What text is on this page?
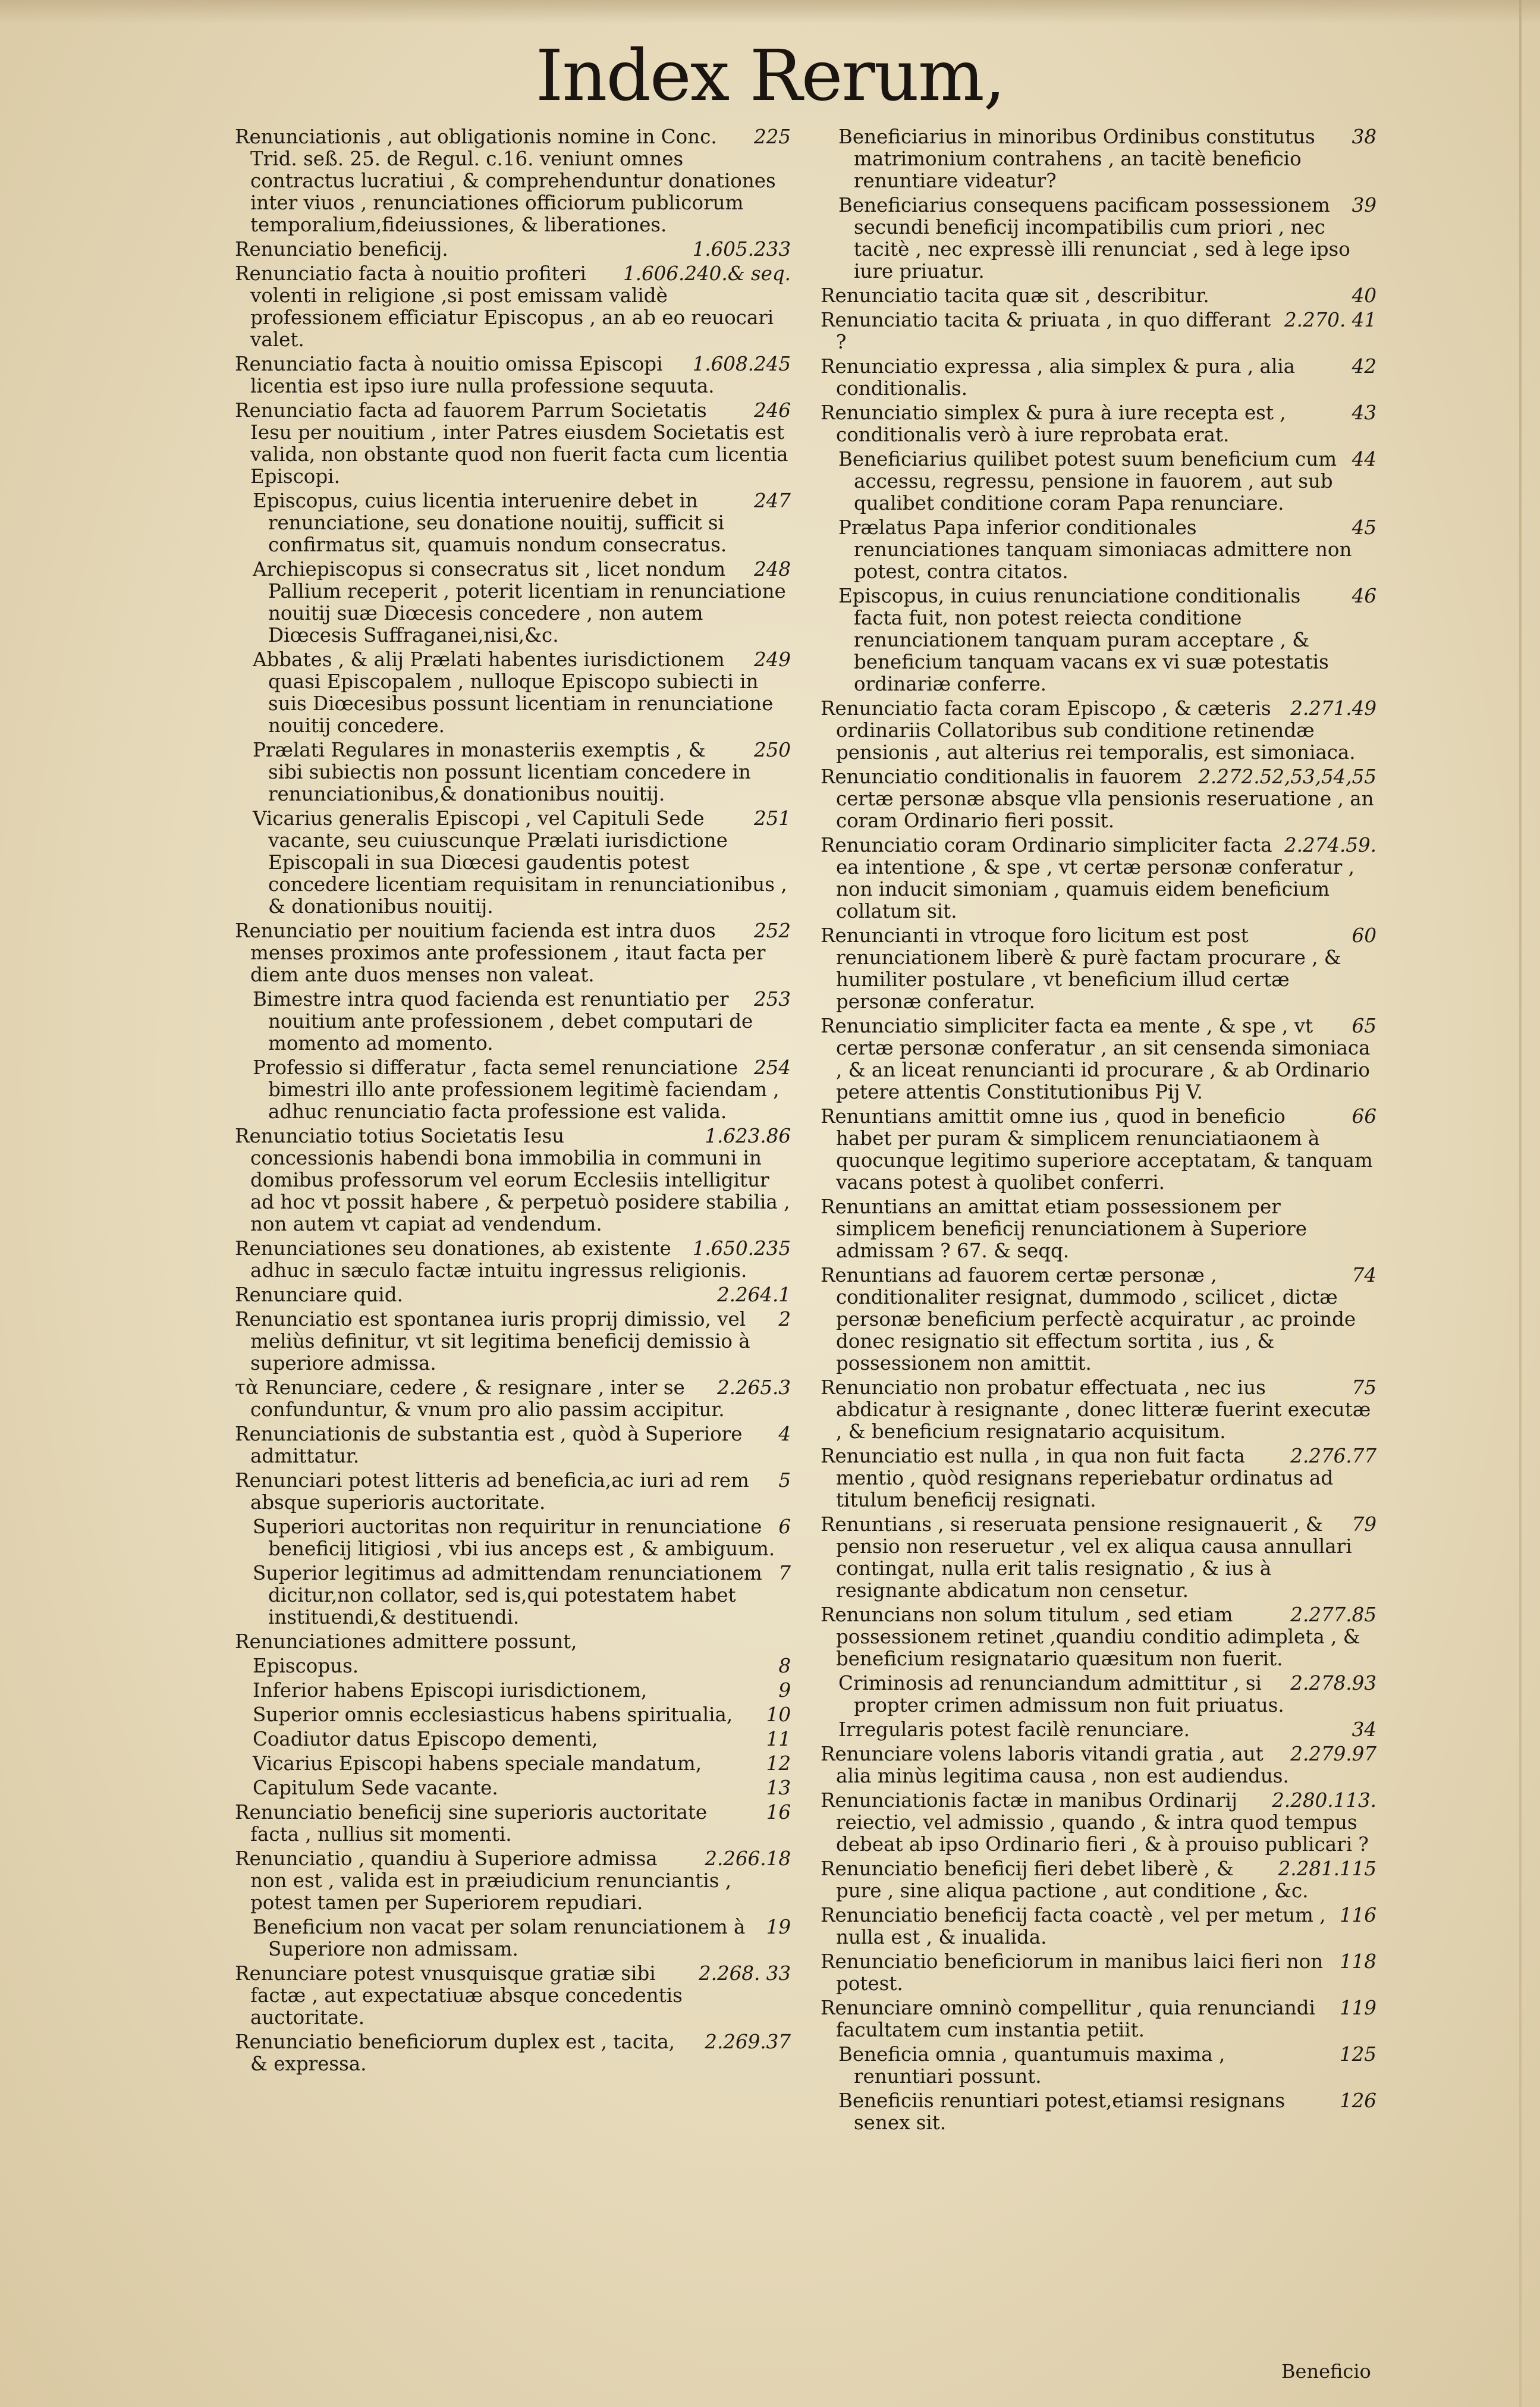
Index Rerum,
225
Renunciationis , aut obligationis nomine in Conc. Trid. seß. 25. de Regul. c.16. veniunt omnes contractus lucratiui , & comprehenduntur donationes inter viuos , renunciationes officiorum publicorum temporalium,fideiussiones, & liberationes.
1.605.233
Renunciatio beneficij.
1.606.240.& seq.
Renunciatio facta à nouitio profiteri volenti in religione ,si post emissam validè professionem efficiatur Episcopus , an ab eo reuocari valet.
1.608.245
Renunciatio facta à nouitio omissa Episcopi licentia est ipso iure nulla professione sequuta.
246
Renunciatio facta ad fauorem Parrum Societatis Iesu per nouitium , inter Patres eiusdem Societatis est valida, non obstante quod non fuerit facta cum licentia Episcopi.
247
Episcopus, cuius licentia interuenire debet in renunciatione, seu donatione nouitij, sufficit si confirmatus sit, quamuis nondum consecratus.
248
Archiepiscopus si consecratus sit , licet nondum Pallium receperit , poterit licentiam in renunciatione nouitij suæ Diœcesis concedere , non autem Diœcesis Suffraganei,nisi,&c.
249
Abbates , & alij Prælati habentes iurisdictionem quasi Episcopalem , nulloque Episcopo subiecti in suis Diœcesibus possunt licentiam in renunciatione nouitij concedere.
250
Prælati Regulares in monasteriis exemptis , & sibi subiectis non possunt licentiam concedere in renunciationibus,& donationibus nouitij.
251
Vicarius generalis Episcopi , vel Capituli Sede vacante, seu cuiuscunque Prælati iurisdictione Episcopali in sua Diœcesi gaudentis potest concedere licentiam requisitam in renunciationibus , & donationibus nouitij.
252
Renunciatio per nouitium facienda est intra duos menses proximos ante professionem , itaut facta per diem ante duos menses non valeat.
253
Bimestre intra quod facienda est renuntiatio per nouitium ante professionem , debet computari de momento ad momento.
254
Professio si differatur , facta semel renunciatione bimestri illo ante professionem legitimè faciendam , adhuc renunciatio facta professione est valida.
1.623.86
Renunciatio totius Societatis Iesu concessionis habendi bona immobilia in communi in domibus professorum vel eorum Ecclesiis intelligitur ad hoc vt possit habere , & perpetuò posidere stabilia , non autem vt capiat ad vendendum.
1.650.235
Renunciationes seu donationes, ab existente adhuc in sæculo factæ intuitu ingressus religionis.
2.264.1
Renunciare quid.
2
Renunciatio est spontanea iuris proprij dimissio, vel meliùs definitur, vt sit legitima beneficij demissio à superiore admissa.
2.265.3
τὰ Renunciare, cedere , & resignare , inter se confunduntur, & vnum pro alio passim accipitur.
4
Renunciationis de substantia est , quòd à Superiore admittatur.
5
Renunciari potest litteris ad beneficia,ac iuri ad rem absque superioris auctoritate.
6
Superiori auctoritas non requiritur in renunciatione beneficij litigiosi , vbi ius anceps est , & ambiguum.
7
Superior legitimus ad admittendam renunciationem dicitur,non collator, sed is,qui potestatem habet instituendi,& destituendi.
Renunciationes admittere possunt,
8
Episcopus.
9
Inferior habens Episcopi iurisdictionem,
10
Superior omnis ecclesiasticus habens spiritualia,
11
Coadiutor datus Episcopo dementi,
12
Vicarius Episcopi habens speciale mandatum,
13
Capitulum Sede vacante.
16
Renunciatio beneficij sine superioris auctoritate facta , nullius sit momenti.
2.266.18
Renunciatio , quandiu à Superiore admissa non est , valida est in præiudicium renunciantis , potest tamen per Superiorem repudiari.
19
Beneficium non vacat per solam renunciationem à Superiore non admissam.
2.268. 33
Renunciare potest vnusquisque gratiæ sibi factæ , aut expectatiuæ absque concedentis auctoritate.
2.269.37
Renunciatio beneficiorum duplex est , tacita, & expressa.
38
Beneficiarius in minoribus Ordinibus constitutus matrimonium contrahens , an tacitè beneficio renuntiare videatur?
39
Beneficiarius consequens pacificam possessionem secundi beneficij incompatibilis cum priori , nec tacitè , nec expressè illi renunciat , sed à lege ipso iure priuatur.
40
Renunciatio tacita quæ sit , describitur.
2.270. 41
Renunciatio tacita & priuata , in quo differant ?
42
Renunciatio expressa , alia simplex & pura , alia conditionalis.
43
Renunciatio simplex & pura à iure recepta est , conditionalis verò à iure reprobata erat.
44
Beneficiarius quilibet potest suum beneficium cum accessu, regressu, pensione in fauorem , aut sub qualibet conditione coram Papa renunciare.
45
Prælatus Papa inferior conditionales renunciationes tanquam simoniacas admittere non potest, contra citatos.
46
Episcopus, in cuius renunciatione conditionalis facta fuit, non potest reiecta conditione renunciationem tanquam puram acceptare , & beneficium tanquam vacans ex vi suæ potestatis ordinariæ conferre.
2.271.49
Renunciatio facta coram Episcopo , & cæteris ordinariis Collatoribus sub conditione retinendæ pensionis , aut alterius rei temporalis, est simoniaca.
2.272.52,53,54,55
Renunciatio conditionalis in fauorem certæ personæ absque vlla pensionis reseruatione , an coram Ordinario fieri possit.
2.274.59.
Renunciatio coram Ordinario simpliciter facta ea intentione , & spe , vt certæ personæ conferatur , non inducit simoniam , quamuis eidem beneficium collatum sit.
60
Renuncianti in vtroque foro licitum est post renunciationem liberè & purè factam procurare , & humiliter postulare , vt beneficium illud certæ personæ conferatur.
65
Renunciatio simpliciter facta ea mente , & spe , vt certæ personæ conferatur , an sit censenda simoniaca , & an liceat renuncianti id procurare , & ab Ordinario petere attentis Constitutionibus Pij V.
66
Renuntians amittit omne ius , quod in beneficio habet per puram & simplicem renunciatiaonem à quocunque legitimo superiore acceptatam, & tanquam vacans potest à quolibet conferri.
Renuntians an amittat etiam possessionem per simplicem beneficij renunciationem à Superiore admissam ? 67. & seqq.
74
Renuntians ad fauorem certæ personæ , conditionaliter resignat, dummodo , scilicet , dictæ personæ beneficium perfectè acquiratur , ac proinde donec resignatio sit effectum sortita , ius , & possessionem non amittit.
75
Renunciatio non probatur effectuata , nec ius abdicatur à resignante , donec litteræ fuerint executæ , & beneficium resignatario acquisitum.
2.276.77
Renunciatio est nulla , in qua non fuit facta mentio , quòd resignans reperiebatur ordinatus ad titulum beneficij resignati.
79
Renuntians , si reseruata pensione resignauerit , & pensio non reseruetur , vel ex aliqua causa annullari contingat, nulla erit talis resignatio , & ius à resignante abdicatum non censetur.
2.277.85
Renuncians non solum titulum , sed etiam possessionem retinet ,quandiu conditio adimpleta , & beneficium resignatario quæsitum non fuerit.
2.278.93
Criminosis ad renunciandum admittitur , si propter crimen admissum non fuit priuatus.
34
Irregularis potest facilè renunciare.
2.279.97
Renunciare volens laboris vitandi gratia , aut alia minùs legitima causa , non est audiendus.
2.280.113.
Renunciationis factæ in manibus Ordinarij reiectio, vel admissio , quando , & intra quod tempus debeat ab ipso Ordinario fieri , & à prouiso publicari ?
2.281.115
Renunciatio beneficij fieri debet liberè , & pure , sine aliqua pactione , aut conditione , &c.
116
Renunciatio beneficij facta coactè , vel per metum , nulla est , & inualida.
118
Renunciatio beneficiorum in manibus laici fieri non potest.
119
Renunciare omninò compellitur , quia renunciandi facultatem cum instantia petiit.
125
Beneficia omnia , quantumuis maxima , renuntiari possunt.
126
Beneficiis renuntiari potest,etiamsi resignans senex sit.
Beneficio
